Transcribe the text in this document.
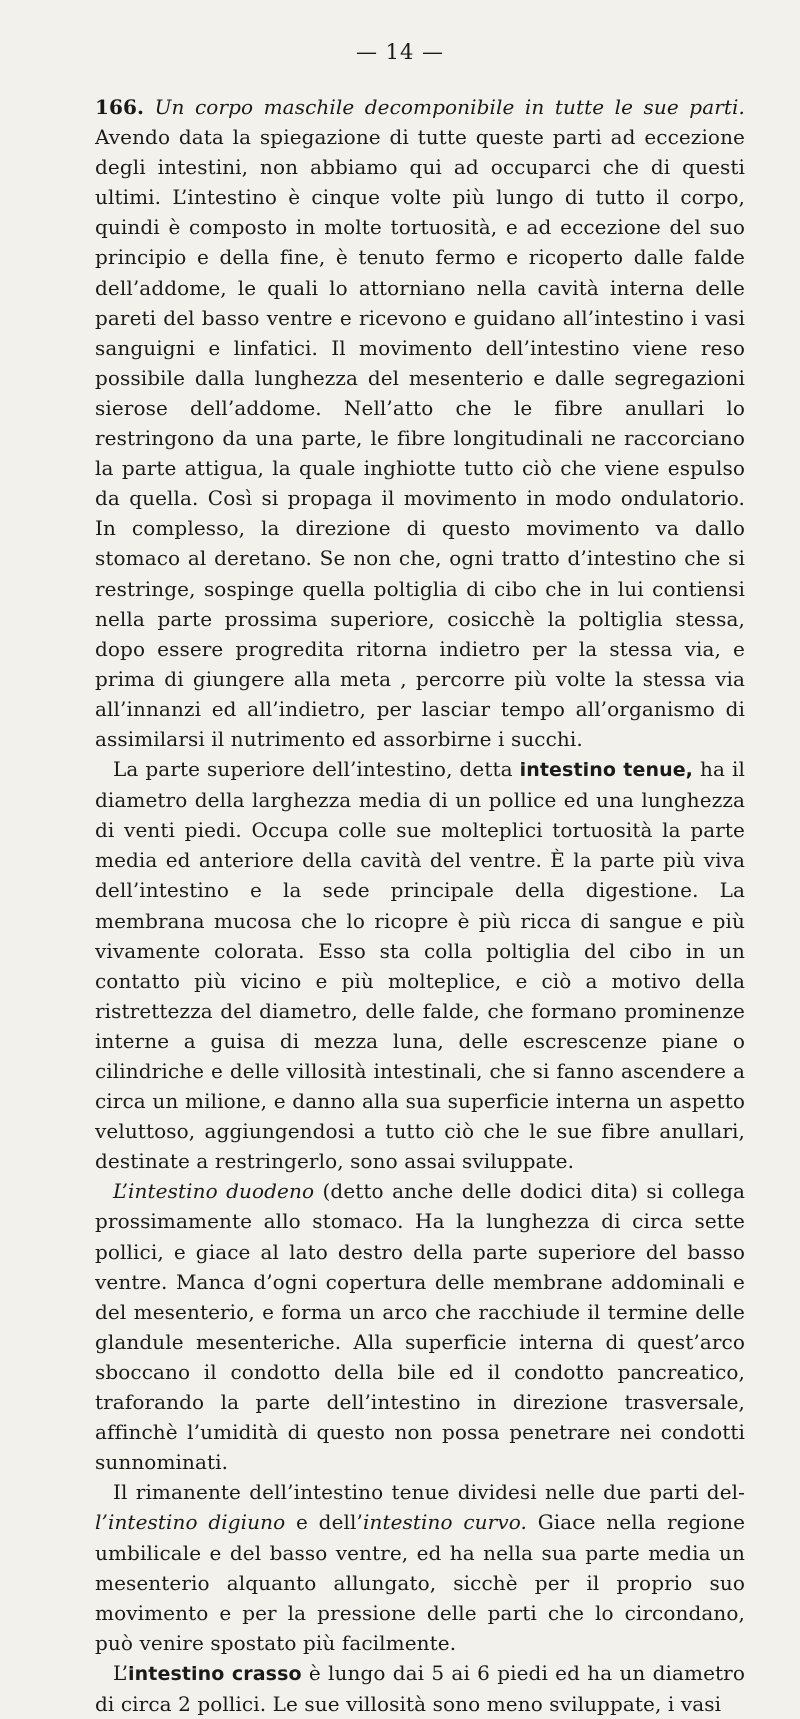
— 14 —

166. Un corpo maschile decomponibile in tutte le sue parti. Avendo data la spiegazione di tutte queste parti ad eccezione degli intestini, non abbiamo qui ad occuparci che di questi ultimi. L’intestino è cinque volte più lungo di tutto il corpo, quindi è composto in molte tortuosità, e ad eccezione del suo principio e della fine, è tenuto fermo e ricoperto dalle falde dell’addome, le quali lo attorniano nella cavità interna delle pareti del basso ventre e ricevono e guidano all’intestino i vasi sanguigni e linfatici. Il movimento dell’intestino viene reso possibile dalla lunghezza del mesenterio e dalle segregazioni sierose dell’addome. Nell’atto che le fibre anullari lo restringono da una parte, le fibre longitudinali ne raccorciano la parte attigua, la quale inghiotte tutto ciò che viene espulso da quella. Così si propaga il movimento in modo ondulatorio. In complesso, la direzione di questo movimento va dallo stomaco al deretano. Se non che, ogni tratto d’intestino che si restringe, sospinge quella poltiglia di cibo che in lui contiensi nella parte prossima superiore, cosicchè la poltiglia stessa, dopo essere progredita ritorna indietro per la stessa via, e prima di giungere alla meta , percorre più volte la stessa via all’innanzi ed all’indietro, per lasciar tempo all’organismo di assimilarsi il nutrimento ed assorbirne i succhi.

La parte superiore dell’intestino, detta intestino tenue, ha il diametro della larghezza media di un pollice ed una lunghezza di venti piedi. Occupa colle sue molteplici tortuosità la parte media ed anteriore della cavità del ventre. È la parte più viva dell’intestino e la sede principale della digestione. La membrana mucosa che lo ricopre è più ricca di sangue e più vivamente colorata. Esso sta colla poltiglia del cibo in un contatto più vicino e più molteplice, e ciò a motivo della ristrettezza del diametro, delle falde, che formano prominenze interne a guisa di mezza luna, delle escrescenze piane o cilindriche e delle villosità intestinali, che si fanno ascendere a circa un milione, e danno alla sua superficie interna un aspetto veluttoso, aggiungendosi a tutto ciò che le sue fibre anullari, destinate a restringerlo, sono assai sviluppate.

L’intestino duodeno (detto anche delle dodici dita) si collega prossimamente allo stomaco. Ha la lunghezza di circa sette pollici, e giace al lato destro della parte superiore del basso ventre. Manca d’ogni copertura delle membrane addominali e del mesenterio, e forma un arco che racchiude il termine delle glandule mesenteriche. Alla superficie interna di quest’arco sboccano il condotto della bile ed il condotto pancreatico, traforando la parte dell’intestino in direzione trasversale, affinchè l’umidità di questo non possa penetrare nei condotti sunnominati.

Il rimanente dell’intestino tenue dividesi nelle due parti del- l’intestino digiuno e dell’intestino curvo. Giace nella regione umbilicale e del basso ventre, ed ha nella sua parte media un mesenterio alquanto allungato, sicchè per il proprio suo movimento e per la pressione delle parti che lo circondano, può venire spostato più facilmente.

L’intestino crasso è lungo dai 5 ai 6 piedi ed ha un diametro di circa 2 pollici. Le sue villosità sono meno sviluppate, i vasi
